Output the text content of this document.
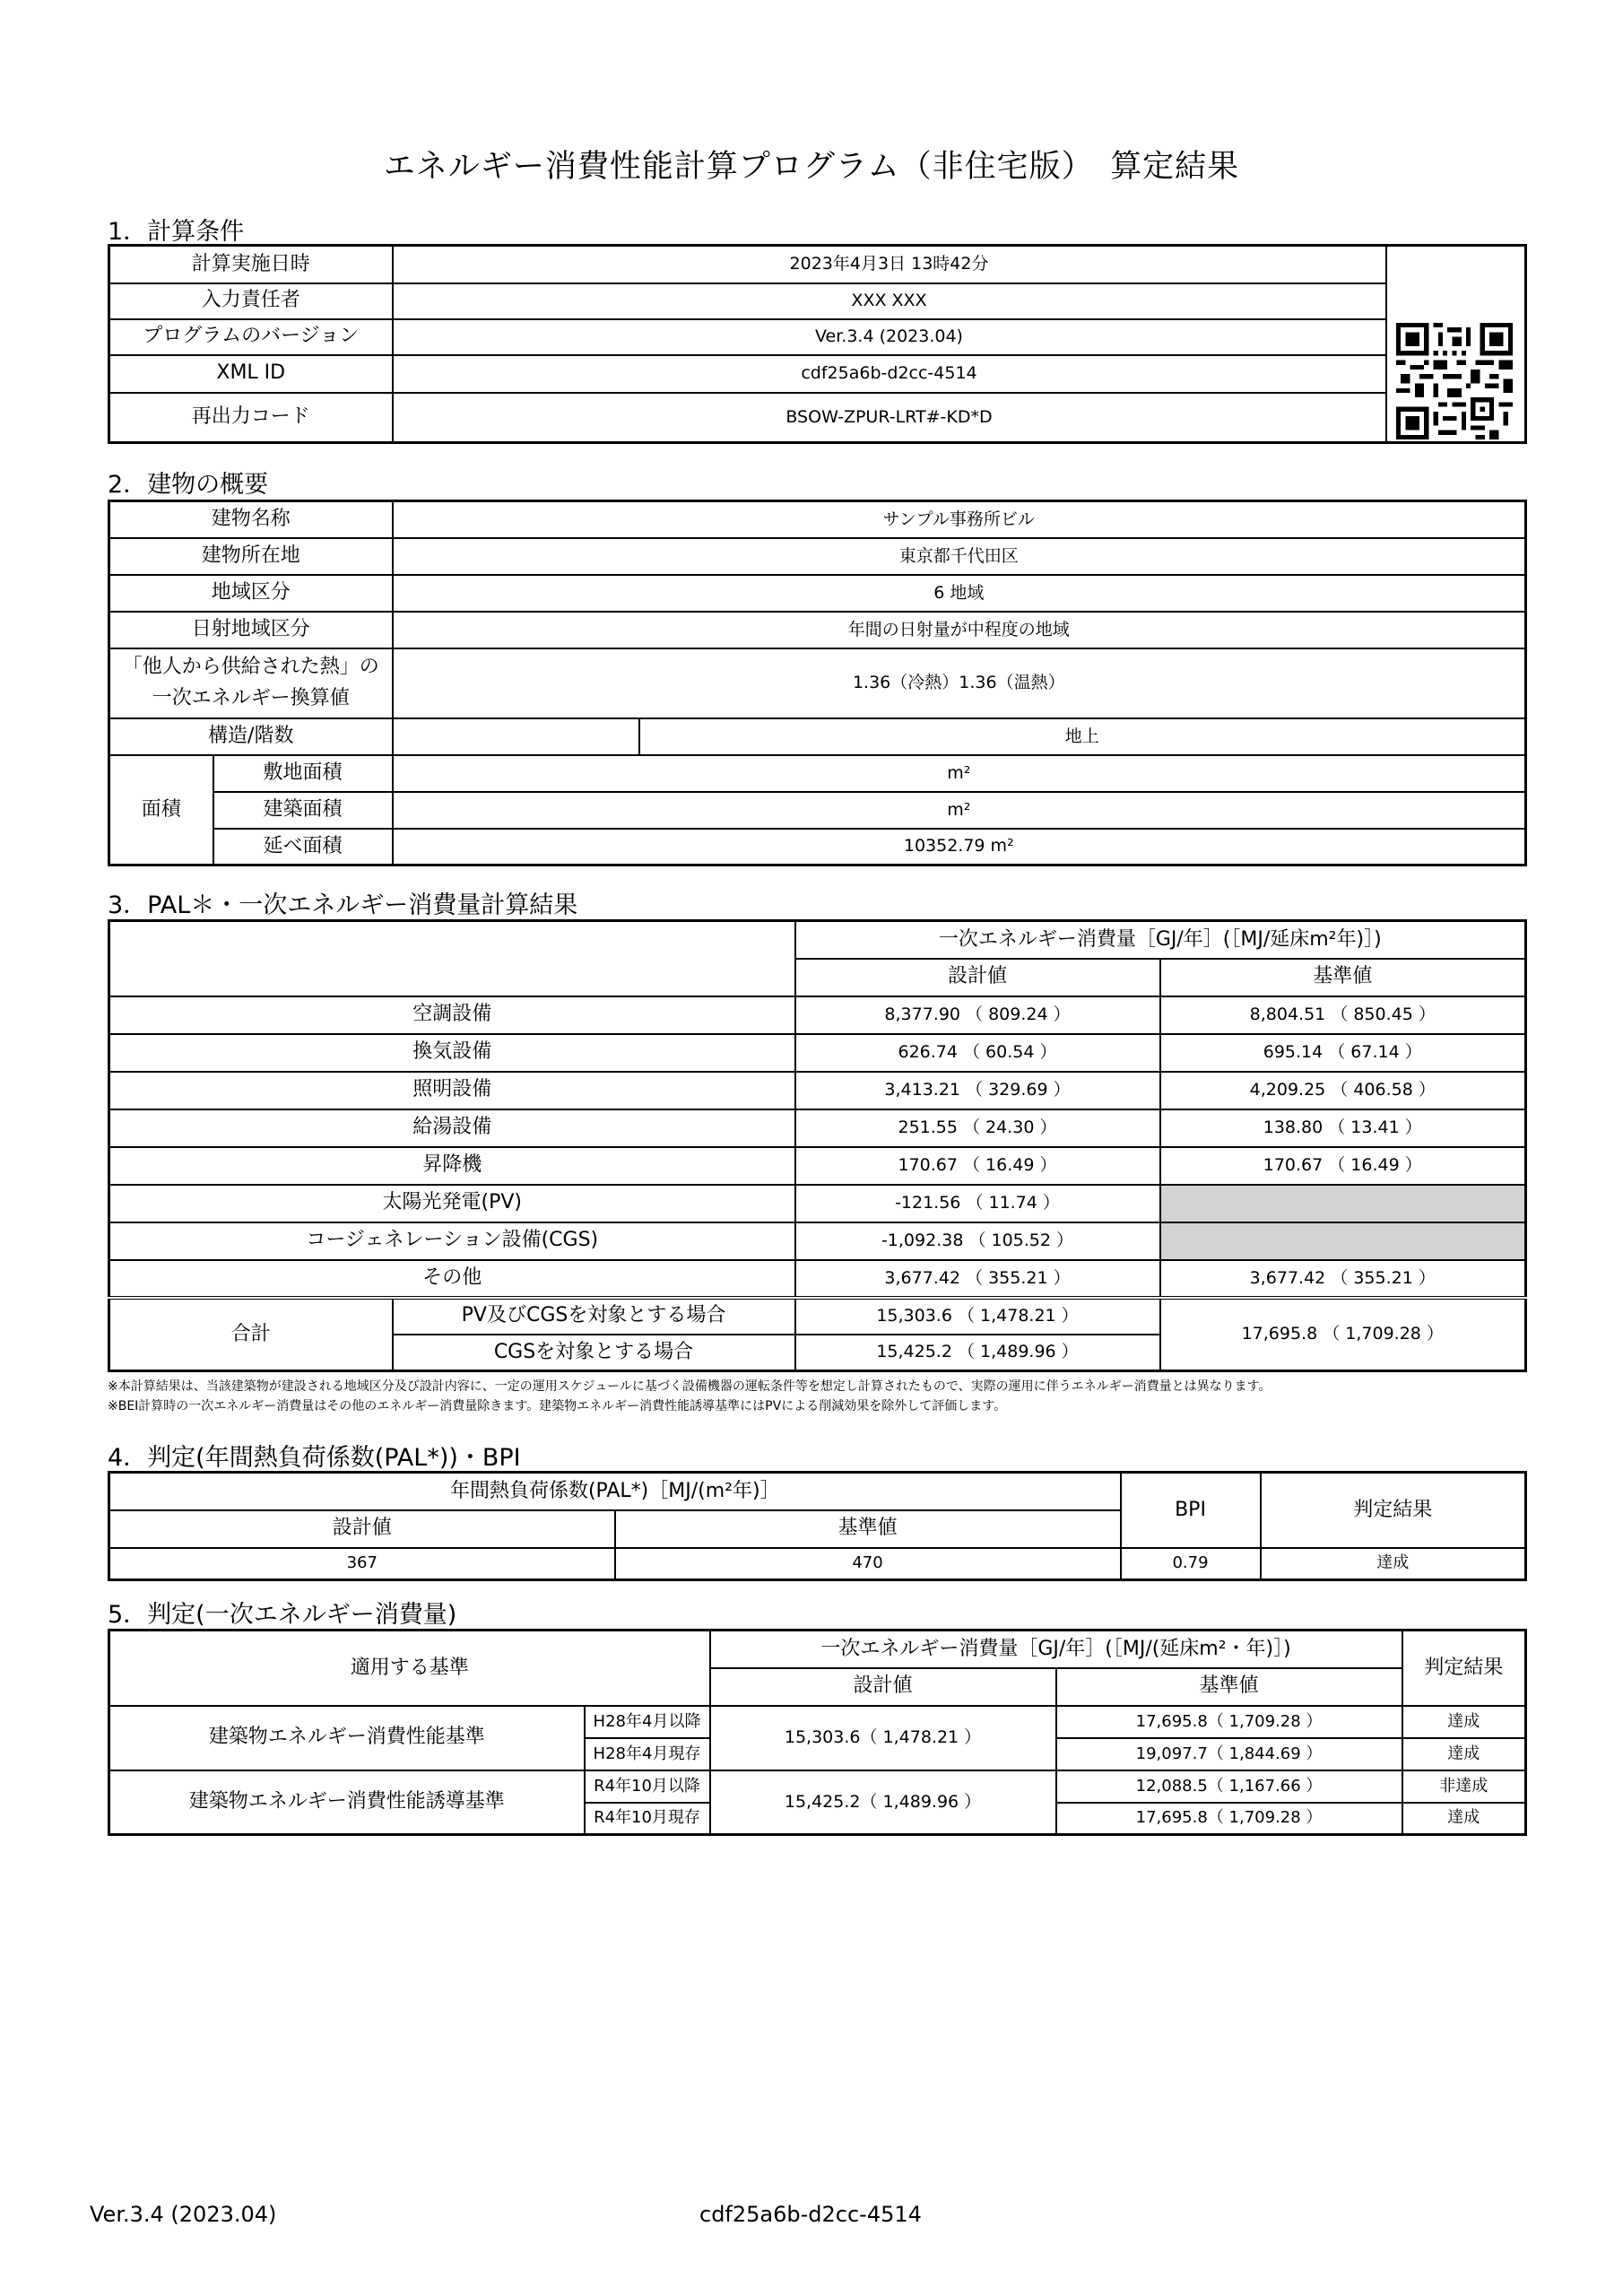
エネルギー消費性能計算プログラム（非住宅版）　算定結果
1．計算条件
計算実施日時	2023年4月3日 13時42分	
入力責任者	XXX XXX	
プログラムのバージョン	Ver.3.4 (2023.04)	
XML ID	cdf25a6b-d2cc-4514	
再出力コード	BSOW-ZPUR-LRT#-KD*D	
2．建物の概要
建物名称		サンプル事務所ビル	
建物所在地		東京都千代田区	
地域区分		6 地域	
日射地域区分		年間の日射量が中程度の地域	
「他人から供給された熱」の
一次エネルギー換算値		1.36（冷熱）1.36（温熱）	
構造/階数			地上
面積	敷地面積	m²	
	建築面積	m²	
	延べ面積	10352.79 m²	
3．PAL＊・一次エネルギー消費量計算結果
		一次エネルギー消費量［GJ/年］(［MJ/延床m²年)］)	
		設計値	基準値
空調設備		8,377.90 （ 809.24 ）	8,804.51 （ 850.45 ）
換気設備		626.74 （ 60.54 ）	695.14 （ 67.14 ）
照明設備		3,413.21 （ 329.69 ）	4,209.25 （ 406.58 ）
給湯設備		251.55 （ 24.30 ）	138.80 （ 13.41 ）
昇降機		170.67 （ 16.49 ）	170.67 （ 16.49 ）
太陽光発電(PV)		-121.56 （ 11.74 ）	
コージェネレーション設備(CGS)		-1,092.38 （ 105.52 ）	
その他		3,677.42 （ 355.21 ）	3,677.42 （ 355.21 ）
合計	PV及びCGSを対象とする場合	15,303.6 （ 1,478.21 ）	17,695.8 （ 1,709.28 ）
	CGSを対象とする場合	15,425.2 （ 1,489.96 ）	
※本計算結果は、当該建築物が建設される地域区分及び設計内容に、一定の運用スケジュールに基づく設備機器の運転条件等を想定し計算されたもので、実際の運用に伴うエネルギー消費量とは異なります。
※BEI計算時の一次エネルギー消費量はその他のエネルギー消費量除きます。建築物エネルギー消費性能誘導基準にはPVによる削減効果を除外して評価します。
4．判定(年間熱負荷係数(PAL*))・BPI
年間熱負荷係数(PAL*)［MJ/(m²年)］		BPI	判定結果
設計値	基準値		
367	470	0.79	達成
5．判定(一次エネルギー消費量)
適用する基準		一次エネルギー消費量［GJ/年］(［MJ/(延床m²・年)］)		判定結果
		設計値	基準値	
建築物エネルギー消費性能基準	H28年4月以降	15,303.6（ 1,478.21 ）	17,695.8（ 1,709.28 ）	達成
	H28年4月現存		19,097.7（ 1,844.69 ）	達成
建築物エネルギー消費性能誘導基準	R4年10月以降	15,425.2（ 1,489.96 ）	12,088.5（ 1,167.66 ）	非達成
	R4年10月現存		17,695.8（ 1,709.28 ）	達成
Ver.3.4 (2023.04)	cdf25a6b-d2cc-4514
